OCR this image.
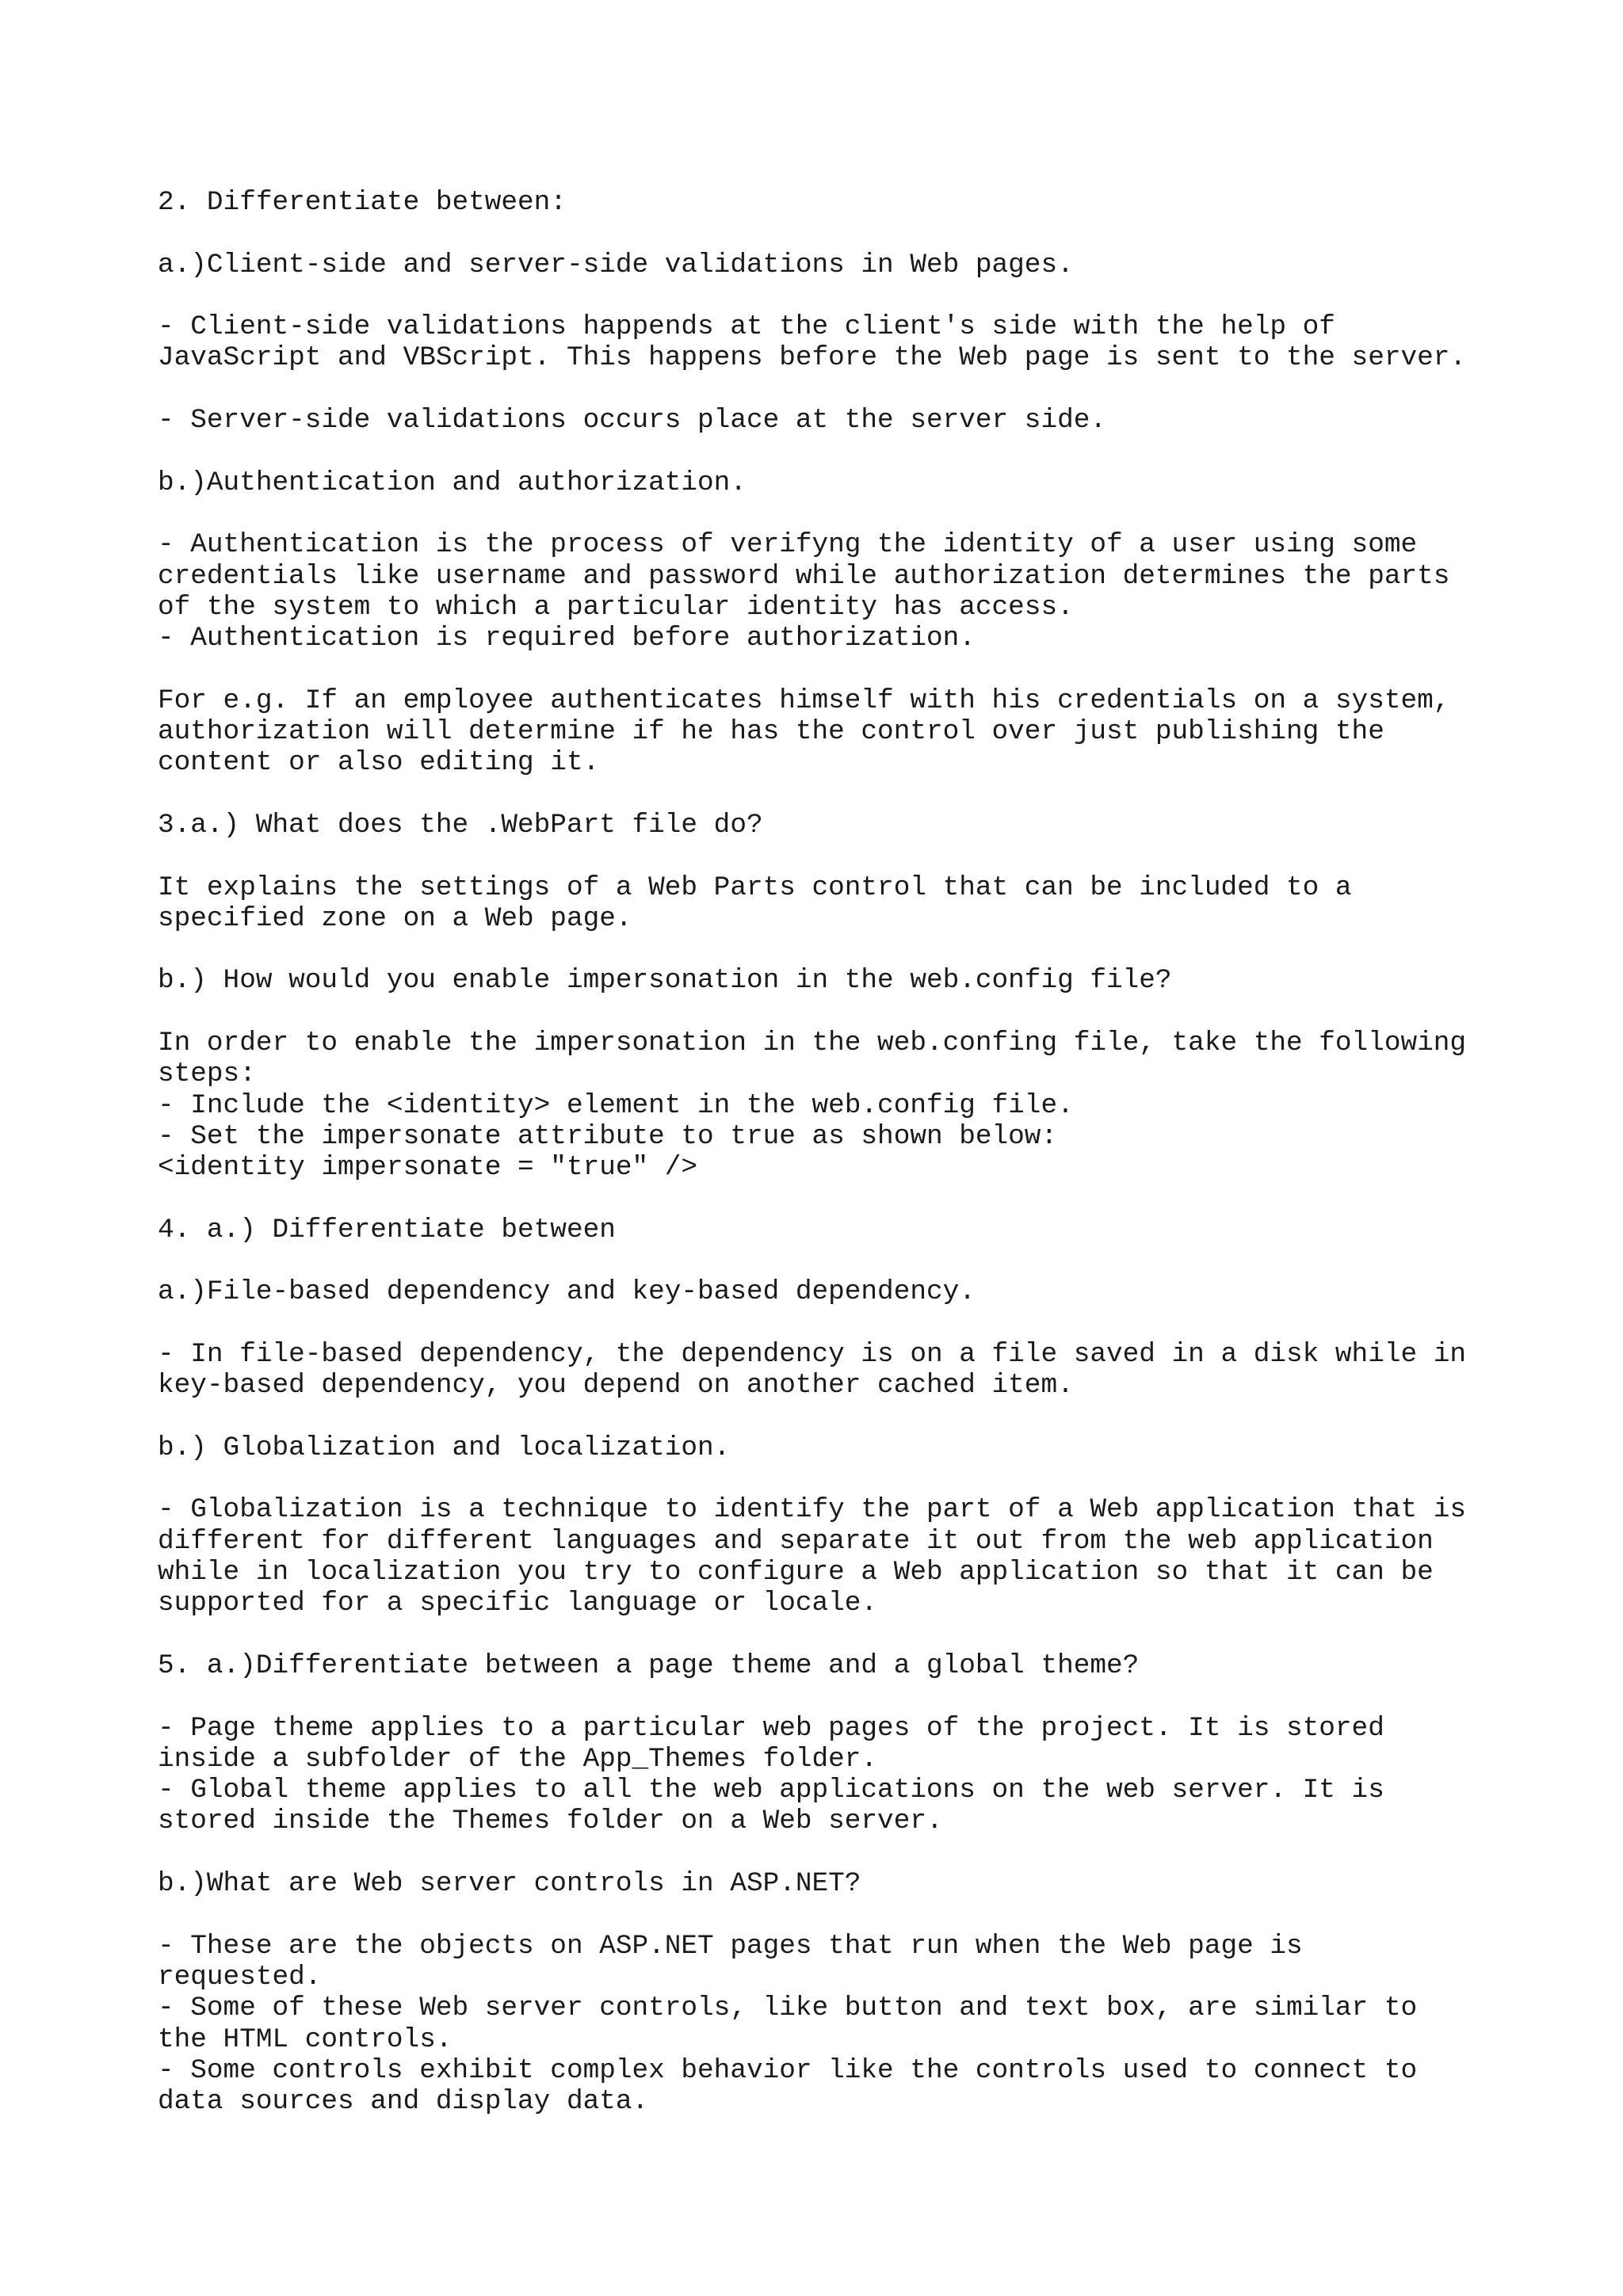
2. Differentiate between:
a.)Client-side and server-side validations in Web pages.
- Client-side validations happends at the client's side with the help of
JavaScript and VBScript. This happens before the Web page is sent to the server.
- Server-side validations occurs place at the server side.
b.)Authentication and authorization.
- Authentication is the process of verifyng the identity of a user using some
credentials like username and password while authorization determines the parts
of the system to which a particular identity has access.
- Authentication is required before authorization.
For e.g. If an employee authenticates himself with his credentials on a system,
authorization will determine if he has the control over just publishing the
content or also editing it.
3.a.) What does the .WebPart file do?
It explains the settings of a Web Parts control that can be included to a
specified zone on a Web page.
b.) How would you enable impersonation in the web.config file?
In order to enable the impersonation in the web.confing file, take the following
steps:
- Include the <identity> element in the web.config file.
- Set the impersonate attribute to true as shown below:
<identity impersonate = "true" />
4. a.) Differentiate between
a.)File-based dependency and key-based dependency.
- In file-based dependency, the dependency is on a file saved in a disk while in
key-based dependency, you depend on another cached item.
b.) Globalization and localization.
- Globalization is a technique to identify the part of a Web application that is
different for different languages and separate it out from the web application
while in localization you try to configure a Web application so that it can be
supported for a specific language or locale.
5. a.)Differentiate between a page theme and a global theme?
- Page theme applies to a particular web pages of the project. It is stored
inside a subfolder of the App_Themes folder.
- Global theme applies to all the web applications on the web server. It is
stored inside the Themes folder on a Web server.
b.)What are Web server controls in ASP.NET?
- These are the objects on ASP.NET pages that run when the Web page is
requested.
- Some of these Web server controls, like button and text box, are similar to
the HTML controls.
- Some controls exhibit complex behavior like the controls used to connect to
data sources and display data.
